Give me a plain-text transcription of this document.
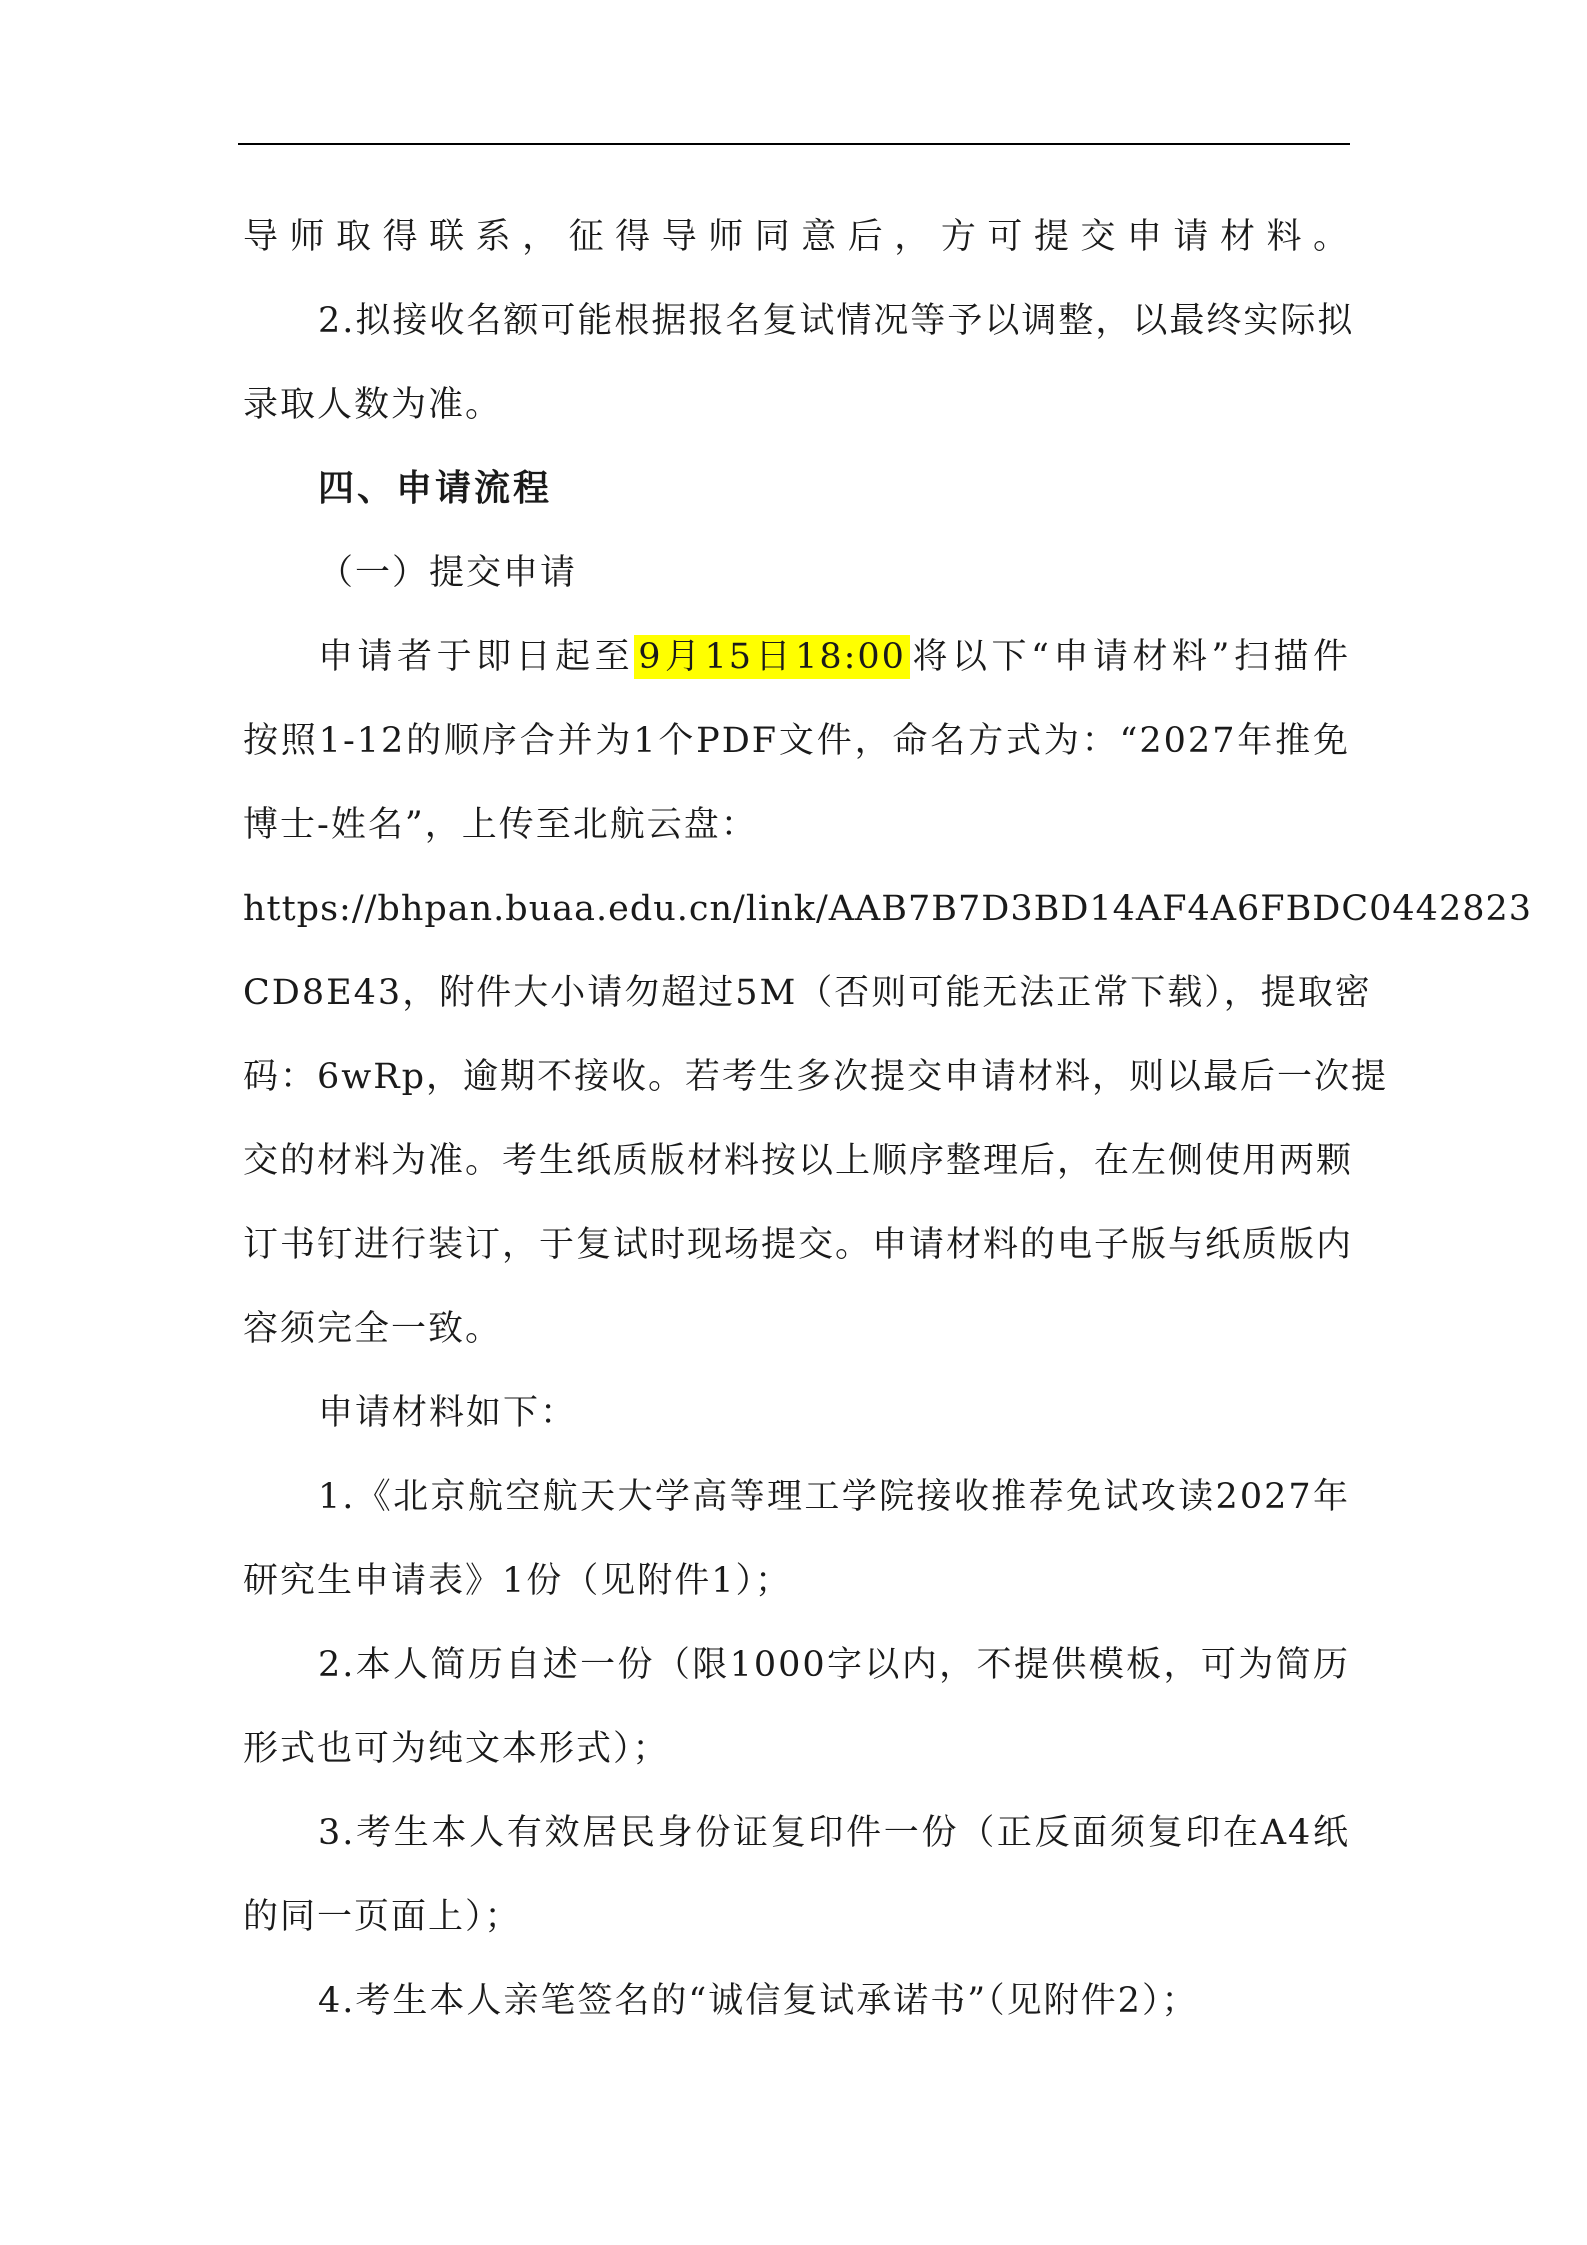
导师取得联系，征得导师同意后，方可提交申请材料。
2.拟接收名额可能根据报名复试情况等予以调整，以最终实际拟
录取人数为准。
四、申请流程
（一）提交申请
申请者于即日起至 9月15日18:00 将以下“申请材料”扫描件
按照1-12的顺序合并为1个PDF文件，命名方式为：“2027年推免
博士-姓名”，上传至北航云盘：
https://bhpan.buaa.edu.cn/link/AAB7B7D3BD14AF4A6FBDC0442823
CD8E43，附件大小请勿超过5M（否则可能无法正常下载），提取密
码：6wRp，逾期不接收。若考生多次提交申请材料，则以最后一次提
交的材料为准。考生纸质版材料按以上顺序整理后，在左侧使用两颗
订书钉进行装订，于复试时现场提交。申请材料的电子版与纸质版内
容须完全一致。
申请材料如下：
1.《北京航空航天大学高等理工学院接收推荐免试攻读2027年
研究生申请表》1份（见附件1）；
2.本人简历自述一份（限1000字以内，不提供模板，可为简历
形式也可为纯文本形式）；
3.考生本人有效居民身份证复印件一份（正反面须复印在A4纸
的同一页面上）；
4.考生本人亲笔签名的“诚信复试承诺书”（见附件2）；
